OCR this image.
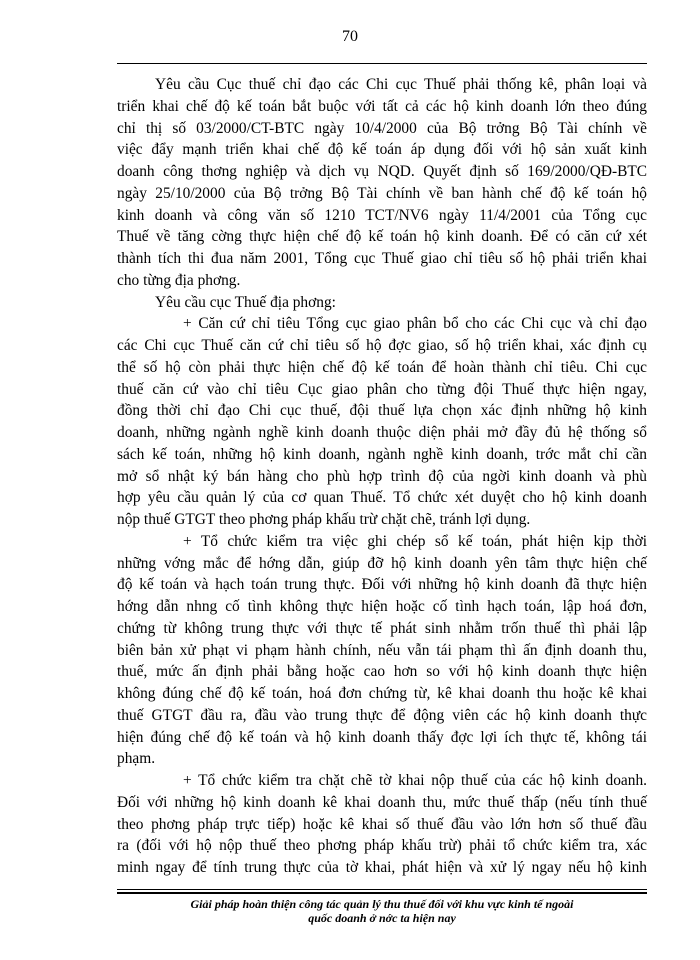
70
Yêu cầu Cục thuế chỉ đạo các Chi cục Thuế phải thống kê, phân loại và
triển khai chế độ kế toán bắt buộc với tất cả các hộ kinh doanh lớn theo đúng
chỉ thị số 03/2000/CT-BTC ngày 10/4/2000 của Bộ trởng Bộ Tài chính về
việc đẩy mạnh triển khai chế độ kế toán áp dụng đối với hộ sản xuất kinh
doanh công thơng nghiệp và dịch vụ NQD. Quyết định số 169/2000/QĐ-BTC
ngày 25/10/2000 của Bộ trởng Bộ Tài chính về ban hành chế độ kế toán hộ
kinh doanh và công văn số 1210 TCT/NV6 ngày 11/4/2001 của Tổng cục
Thuế về tăng cờng thực hiện chế độ kế toán hộ kinh doanh. Để có căn cứ xét
thành tích thi đua năm 2001, Tổng cục Thuế giao chỉ tiêu số hộ phải triển khai
cho từng địa phơng.
Yêu cầu cục Thuế địa phơng:
+ Căn cứ chỉ tiêu Tổng cục giao phân bổ cho các Chi cục và chỉ đạo
các Chi cục Thuế căn cứ chỉ tiêu số hộ đợc giao, số hộ triển khai, xác định cụ
thể số hộ còn phải thực hiện chế độ kế toán để hoàn thành chỉ tiêu. Chi cục
thuế căn cứ vào chỉ tiêu Cục giao phân cho từng đội Thuế thực hiện ngay,
đồng thời chỉ đạo Chi cục thuế, đội thuế lựa chọn xác định những hộ kinh
doanh, những ngành nghề kinh doanh thuộc diện phải mở đầy đủ hệ thống sổ
sách kế toán, những hộ kinh doanh, ngành nghề kinh doanh, trớc mắt chỉ cần
mở sổ nhật ký bán hàng cho phù hợp trình độ của ngời kinh doanh và phù
hợp yêu cầu quản lý của cơ quan Thuế. Tổ chức xét duyệt cho hộ kinh doanh
nộp thuế GTGT theo phơng pháp khấu trừ chặt chẽ, tránh lợi dụng.
+ Tổ chức kiểm tra việc ghi chép sổ kế toán, phát hiện kịp thời
những vớng mắc để hớng dẫn, giúp đỡ hộ kinh doanh yên tâm thực hiện chế
độ kế toán và hạch toán trung thực. Đối với những hộ kinh doanh đã thực hiện
hớng dẫn nhng cố tình không thực hiện hoặc cố tình hạch toán, lập hoá đơn,
chứng từ không trung thực với thực tế phát sinh nhằm trốn thuế thì phải lập
biên bản xử phạt vi phạm hành chính, nếu vẫn tái phạm thì ấn định doanh thu,
thuế, mức ấn định phải bằng hoặc cao hơn so với hộ kinh doanh thực hiện
không đúng chế độ kế toán, hoá đơn chứng từ, kê khai doanh thu hoặc kê khai
thuế GTGT đầu ra, đầu vào trung thực để động viên các hộ kinh doanh thực
hiện đúng chế độ kế toán và hộ kinh doanh thấy đợc lợi ích thực tế, không tái
phạm.
+ Tổ chức kiểm tra chặt chẽ tờ khai nộp thuế của các hộ kinh doanh.
Đối với những hộ kinh doanh kê khai doanh thu, mức thuế thấp (nếu tính thuế
theo phơng pháp trực tiếp) hoặc kê khai số thuế đầu vào lớn hơn số thuế đầu
ra (đối với hộ nộp thuế theo phơng pháp khấu trừ) phải tổ chức kiểm tra, xác
minh ngay để tính trung thực của tờ khai, phát hiện và xử lý ngay nếu hộ kinh
Giải pháp hoàn thiện công tác quản lý thu thuế đối với khu vực kinh tế ngoài
quốc doanh ở nớc ta hiện nay
